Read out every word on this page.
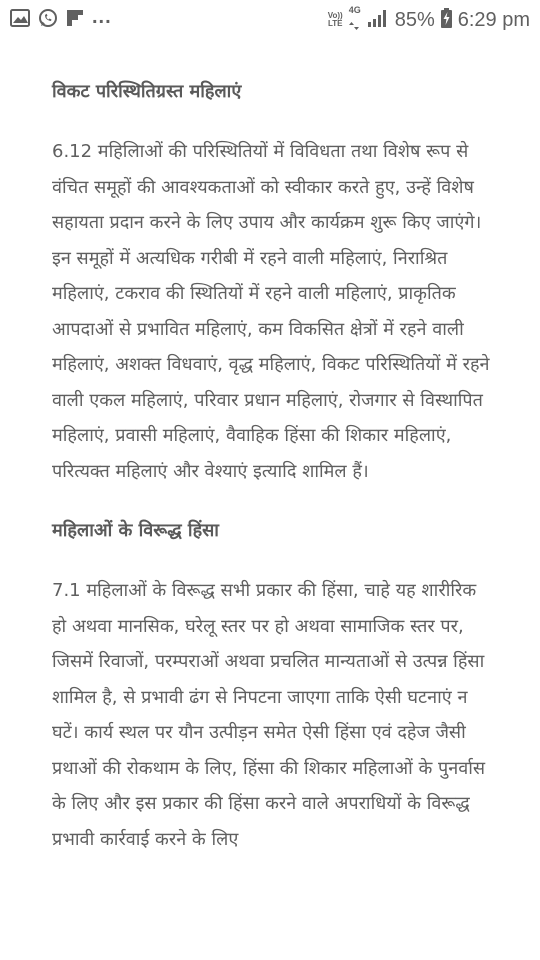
...	Vo))
LTE
4G 85% 6:29 pm
विकट परिस्थितिग्रस्त महिलाएं

6.12 महिलिाओं की परिस्थितियों में विविधता तथा विशेष रूप से वंचित समूहों की आवश्यकताओं को स्वीकार करते हुए, उन्हें विशेष सहायता प्रदान करने के लिए उपाय और कार्यक्रम शुरू किए जाएंगे। इन समूहों में अत्यधिक गरीबी में रहने वाली महिलाएं, निराश्रित महिलाएं, टकराव की स्थितियों में रहने वाली महिलाएं, प्राकृतिक आपदाओं से प्रभावित महिलाएं, कम विकसित क्षेत्रों में रहने वाली महिलाएं, अशक्त विधवाएं, वृद्ध महिलाएं, विकट परिस्थितियों में रहने वाली एकल महिलाएं, परिवार प्रधान महिलाएं, रोजगार से विस्थापित महिलाएं, प्रवासी महिलाएं, वैवाहिक हिंसा की शिकार महिलाएं, परित्यक्त महिलाएं और वेश्याएं इत्यादि शामिल हैं।

महिलाओं के विरूद्ध हिंसा

7.1 महिलाओं के विरूद्ध सभी प्रकार की हिंसा, चाहे यह शारीरिक हो अथवा मानसिक, घरेलू स्तर पर हो अथवा सामाजिक स्तर पर, जिसमें रिवाजों, परम्पराओं अथवा प्रचलित मान्यताओं से उत्पन्न हिंसा शामिल है, से प्रभावी ढंग से निपटना जाएगा ताकि ऐसी घटनाएं न घटें। कार्य स्थल पर यौन उत्पीड़न समेत ऐसी हिंसा एवं दहेज जैसी प्रथाओं की रोकथाम के लिए, हिंसा की शिकार महिलाओं के पुनर्वास के लिए और इस प्रकार की हिंसा करने वाले अपराधियों के विरूद्ध प्रभावी कार्रवाई करने के लिए
